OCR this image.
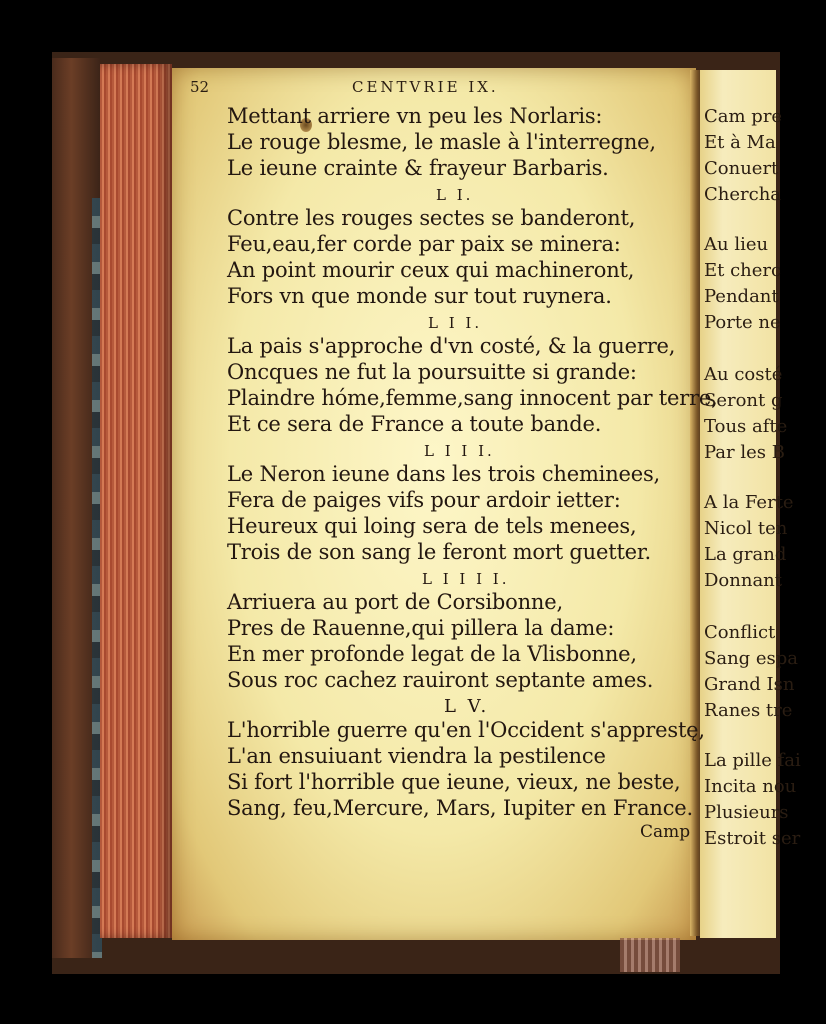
Cam pre
Et à Ma
Conuert
Chercha
Au lieu
Et cherc
Pendant
Porte ne
Au costé
Seront g
Tous afte
Par les B
A la Ferte
Nicol ten
La grand
Donnant
Conflict
Sang espa
Grand Isn
Ranes tre
La pille fai
Incita nou
Plusieurs
Estroit ser
52	CENTVRIE IX.
Mettant arriere vn peu les Norlaris:
Le rouge blesme, le masle à l'interregne,
Le ieune crainte & frayeur Barbaris.
L I.
Contre les rouges sectes se banderont,
Feu,eau,fer corde par paix se minera:
An point mourir ceux qui machineront,
Fors vn que monde sur tout ruynera.
L I I.
La pais s'approche d'vn costé, & la guerre,
Oncques ne fut la poursuitte si grande:
Plaindre hóme,femme,sang innocent par terre,
Et ce sera de France a toute bande.
L I I I.
Le Neron ieune dans les trois cheminees,
Fera de paiges vifs pour ardoir ietter:
Heureux qui loing sera de tels menees,
Trois de son sang le feront mort guetter.
L I I I I.
Arriuera au port de Corsibonne,
Pres de Rauenne,qui pillera la dame:
En mer profonde legat de la Vlisbonne,
Sous roc cachez rauiront septante ames.
L V.
L'horrible guerre qu'en l'Occident s'apprestę,
L'an ensuiuant viendra la pestilence
Si fort l'horrible que ieune, vieux, ne beste,
Sang, feu,Mercure, Mars, Iupiter en France.
Camp
